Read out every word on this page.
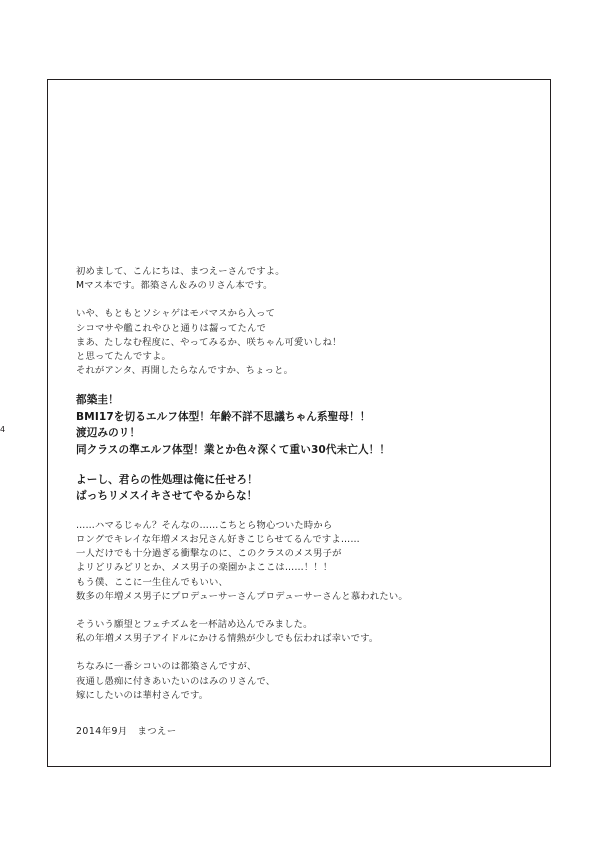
4
初めまして、こんにちは、まつえーさんですよ。
Mマス本です。都築さん＆みのリさん本です。
いや、もともとソシャゲはモバマスから入って
シコマサや艦これやひと通りは齧ってたんで
まあ、たしなむ程度に、やってみるか、咲ちゃん可愛いしね！
と思ってたんですよ。
それがアンタ、再開したらなんですか、ちょっと。
都築圭！
BMI17を切るエルフ体型！年齢不詳不思議ちゃん系聖母！！
渡辺みのリ！
同クラスの準エルフ体型！業とか色々深くて重い30代未亡人！！
よーし、君らの性処理は俺に任せろ！
ばっちリメスイキさせてやるからな！
……ハマるじゃん？そんなの……こちとら物心ついた時から
ロングでキレイな年増メスお兄さん好きこじらせてるんですよ……
一人だけでも十分過ぎる衝撃なのに、このクラスのメス男子が
よリどリみどリとか、メス男子の楽園かよここは……！！！
もう僕、ここに一生住んでもいい、
数多の年増メス男子にプロデューサーさんプロデューサーさんと慕われたい。
そういう願望とフェチズムを一杯詰め込んでみました。
私の年増メス男子アイドルにかける情熱が少しでも伝われば幸いです。
ちなみに一番シコいのは都築さんですが、
夜通し愚痴に付きあいたいのはみのリさんで、
嫁にしたいのは華村さんです。
2014年9月　まつえー
